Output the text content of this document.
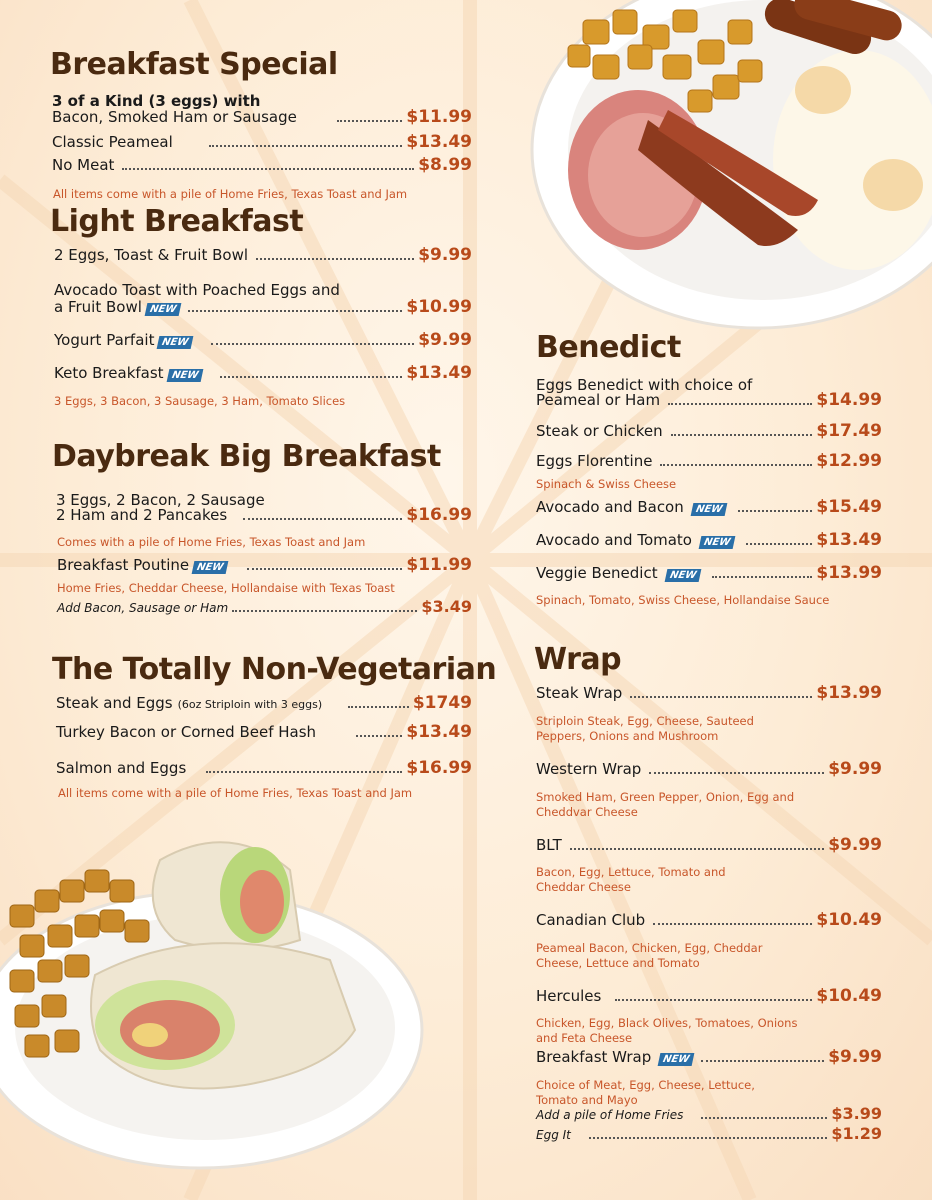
Breakfast Special
3 of a Kind (3 eggs) with
Bacon, Smoked Ham or Sausage	$11.99
Classic Peameal	$13.49
No Meat	$8.99
All items come with a pile of Home Fries, Texas Toast and Jam
Light Breakfast
2 Eggs, Toast & Fruit Bowl	$9.99
Avocado Toast with Poached Eggs and
a Fruit Bowl NEW	$10.99
Yogurt Parfait NEW	$9.99
Keto Breakfast NEW	$13.49
3 Eggs, 3 Bacon, 3 Sausage, 3 Ham, Tomato Slices
Daybreak Big Breakfast
3 Eggs, 2 Bacon, 2 Sausage
2 Ham and 2 Pancakes	$16.99
Comes with a pile of Home Fries, Texas Toast and Jam
Breakfast Poutine NEW	$11.99
Home Fries, Cheddar Cheese, Hollandaise with Texas Toast
Add Bacon, Sausage or Ham	$3.49
The Totally Non-Vegetarian
Steak and Eggs (6oz Striploin with 3 eggs)	$1749
Turkey Bacon or Corned Beef Hash	$13.49
Salmon and Eggs	$16.99
All items come with a pile of Home Fries, Texas Toast and Jam
Benedict
Eggs Benedict with choice of
Peameal or Ham	$14.99
Steak or Chicken	$17.49
Eggs Florentine	$12.99
Spinach & Swiss Cheese
Avocado and Bacon	NEW	$15.49
Avocado and Tomato	NEW	$13.49
Veggie Benedict	NEW	$13.99
Spinach, Tomato, Swiss Cheese, Hollandaise Sauce
Wrap
Steak Wrap	$13.99
Striploin Steak, Egg, Cheese, Sauteed
Peppers, Onions and Mushroom
Western Wrap	$9.99
Smoked Ham, Green Pepper, Onion, Egg and
Cheddvar Cheese
BLT	$9.99
Bacon, Egg, Lettuce, Tomato and
Cheddar Cheese
Canadian Club	$10.49
Peameal Bacon, Chicken, Egg, Cheddar
Cheese, Lettuce and Tomato
Hercules	$10.49
Chicken, Egg, Black Olives, Tomatoes, Onions
and Feta Cheese
Breakfast Wrap	NEW	$9.99
Choice of Meat, Egg, Cheese, Lettuce,
Tomato and Mayo
Add a pile of Home Fries	$3.99
Egg It	$1.29
